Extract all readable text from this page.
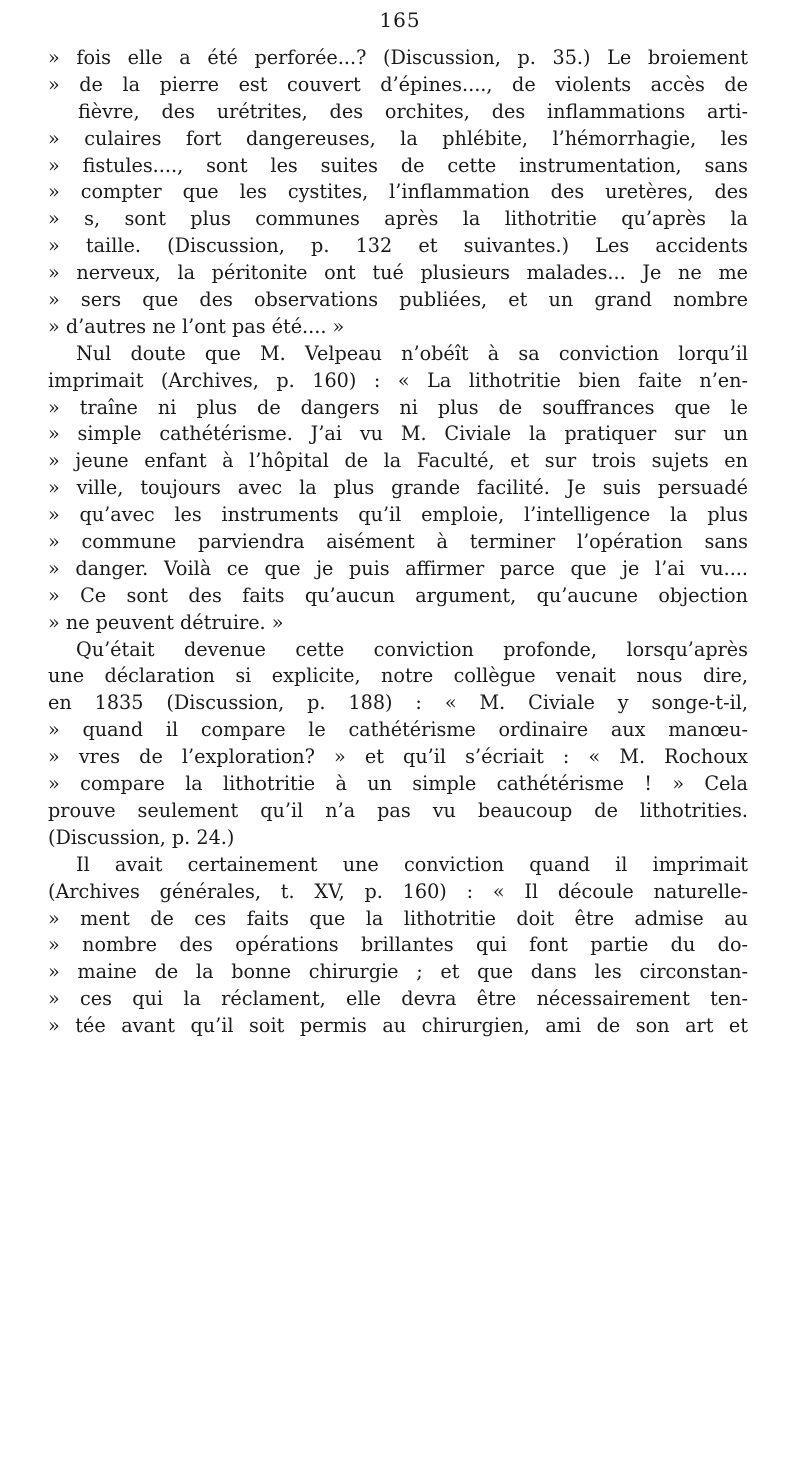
165
» fois elle a été perforée...? (Discussion, p. 35.) Le broiement
» de la pierre est couvert d’épines...., de violents accès de
fièvre, des urétrites, des orchites, des inflammations arti-
» culaires fort dangereuses, la phlébite, l’hémorrhagie, les
» fistules...., sont les suites de cette instrumentation, sans
» compter que les cystites, l’inflammation des uretères, des
» s, sont plus communes après la lithotritie qu’après la
» taille. (Discussion, p. 132 et suivantes.) Les accidents
» nerveux, la péritonite ont tué plusieurs malades... Je ne me
» sers que des observations publiées, et un grand nombre
» d’autres ne l’ont pas été.... »
Nul doute que M. Velpeau n’obéît à sa conviction lorqu’il
imprimait (Archives, p. 160) : « La lithotritie bien faite n’en-
» traîne ni plus de dangers ni plus de souffrances que le
» simple cathétérisme. J’ai vu M. Civiale la pratiquer sur un
» jeune enfant à l’hôpital de la Faculté, et sur trois sujets en
» ville, toujours avec la plus grande facilité. Je suis persuadé
» qu’avec les instruments qu’il emploie, l’intelligence la plus
» commune parviendra aisément à terminer l’opération sans
» danger. Voilà ce que je puis affirmer parce que je l’ai vu....
» Ce sont des faits qu’aucun argument, qu’aucune objection
» ne peuvent détruire. »
Qu’était devenue cette conviction profonde, lorsqu’après
une déclaration si explicite, notre collègue venait nous dire,
en 1835 (Discussion, p. 188) : « M. Civiale y songe-t-il,
» quand il compare le cathétérisme ordinaire aux manœu-
» vres de l’exploration? » et qu’il s’écriait : « M. Rochoux
» compare la lithotritie à un simple cathétérisme ! » Cela
prouve seulement qu’il n’a pas vu beaucoup de lithotrities.
(Discussion, p. 24.)
Il avait certainement une conviction quand il imprimait
(Archives générales, t. XV, p. 160) : « Il découle naturelle-
» ment de ces faits que la lithotritie doit être admise au
» nombre des opérations brillantes qui font partie du do-
» maine de la bonne chirurgie ; et que dans les circonstan-
» ces qui la réclament, elle devra être nécessairement ten-
» tée avant qu’il soit permis au chirurgien, ami de son art et
